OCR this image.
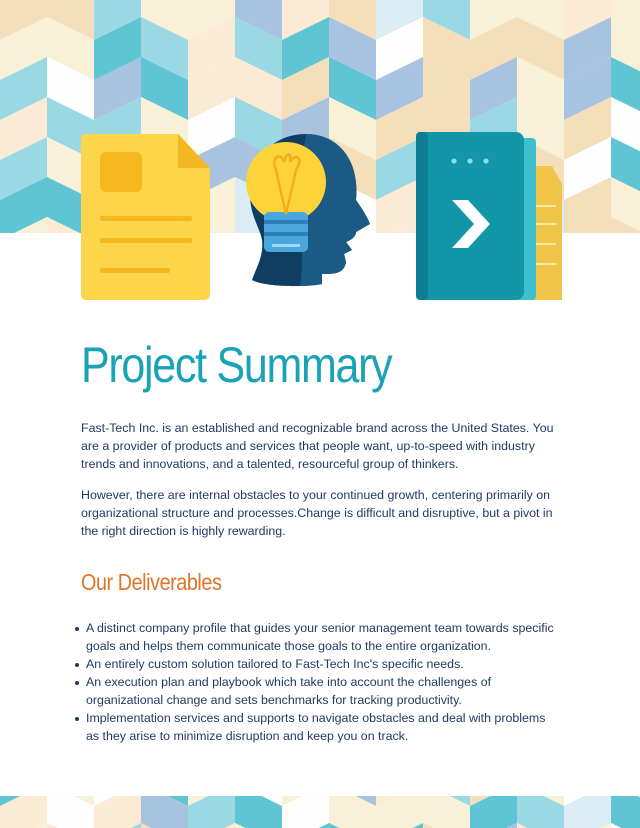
Project Summary

Fast-Tech Inc. is an established and recognizable brand across the United States. You are a provider of products and services that people want, up-to-speed with industry trends and innovations, and a talented, resourceful group of thinkers.

However, there are internal obstacles to your continued growth, centering primarily on organizational structure and processes.Change is difficult and disruptive, but a pivot in the right direction is highly rewarding.

Our Deliverables
A distinct company profile that guides your senior management team towards specific goals and helps them communicate those goals to the entire organization.
An entirely custom solution tailored to Fast-Tech Inc's specific needs.
An execution plan and playbook which take into account the challenges of organizational change and sets benchmarks for tracking productivity.
Implementation services and supports to navigate obstacles and deal with problems as they arise to minimize disruption and keep you on track.
